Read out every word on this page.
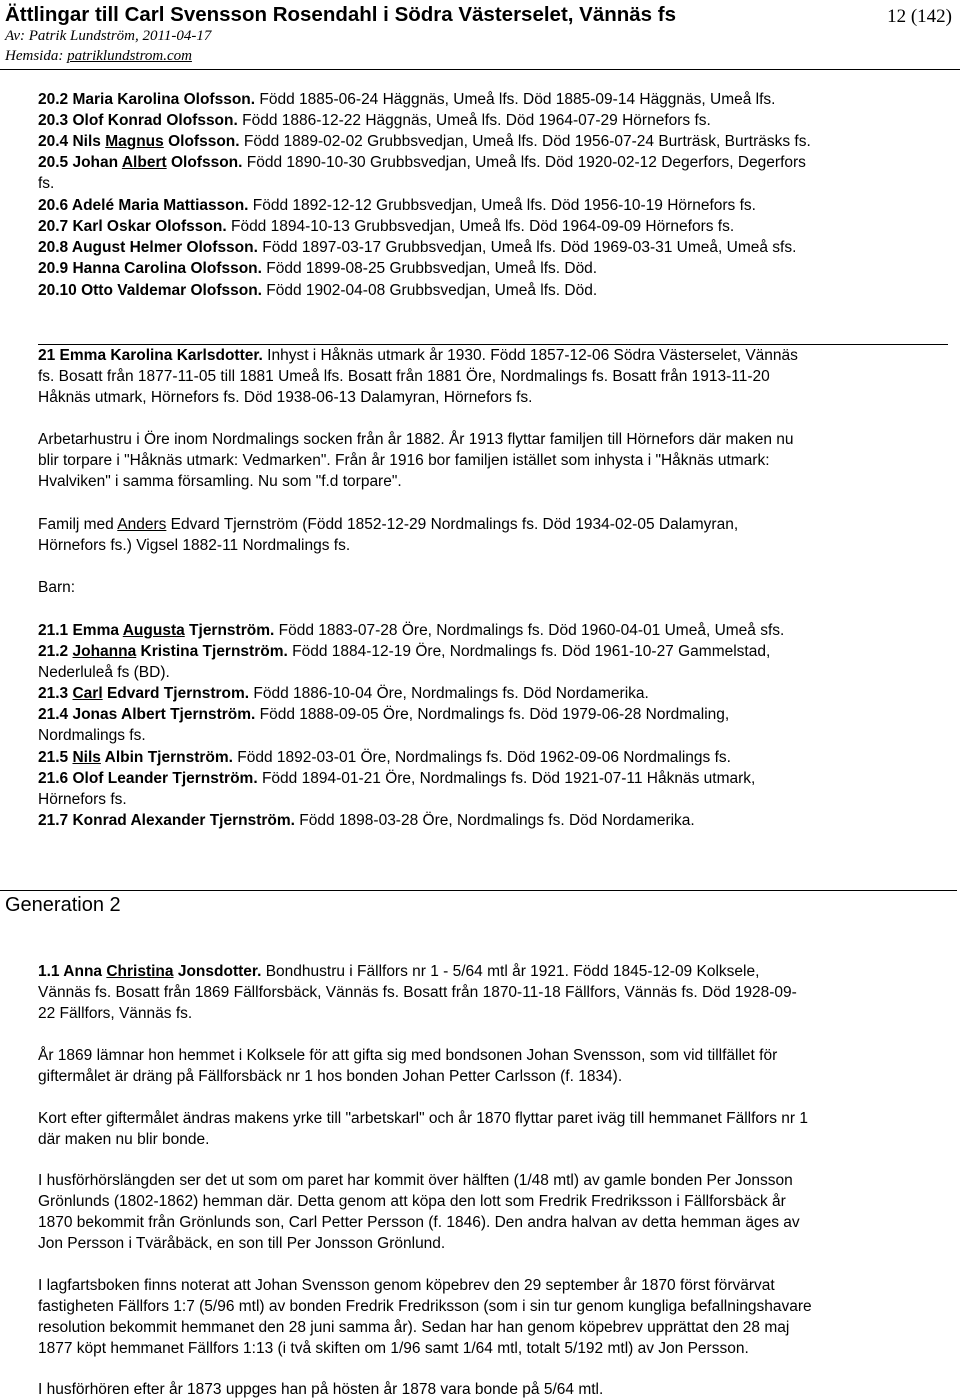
Ättlingar till Carl Svensson Rosendahl i Södra Västerselet, Vännäs fs	12 (142)
Av: Patrik Lundström, 2011-04-17
Hemsida: patriklundstrom.com
20.2 Maria Karolina Olofsson. Född 1885-06-24 Häggnäs, Umeå lfs. Död 1885-09-14 Häggnäs, Umeå lfs.
20.3 Olof Konrad Olofsson. Född 1886-12-22 Häggnäs, Umeå lfs. Död 1964-07-29 Hörnefors fs.
20.4 Nils Magnus Olofsson. Född 1889-02-02 Grubbsvedjan, Umeå lfs. Död 1956-07-24 Burträsk, Burträsks fs.
20.5 Johan Albert Olofsson. Född 1890-10-30 Grubbsvedjan, Umeå lfs. Död 1920-02-12 Degerfors, Degerfors
fs.
20.6 Adelé Maria Mattiasson. Född 1892-12-12 Grubbsvedjan, Umeå lfs. Död 1956-10-19 Hörnefors fs.
20.7 Karl Oskar Olofsson. Född 1894-10-13 Grubbsvedjan, Umeå lfs. Död 1964-09-09 Hörnefors fs.
20.8 August Helmer Olofsson. Född 1897-03-17 Grubbsvedjan, Umeå lfs. Död 1969-03-31 Umeå, Umeå sfs.
20.9 Hanna Carolina Olofsson. Född 1899-08-25 Grubbsvedjan, Umeå lfs. Död.
20.10 Otto Valdemar Olofsson. Född 1902-04-08 Grubbsvedjan, Umeå lfs. Död.
21 Emma Karolina Karlsdotter. Inhyst i Håknäs utmark år 1930. Född 1857-12-06 Södra Västerselet, Vännäs
fs. Bosatt från 1877-11-05 till 1881 Umeå lfs. Bosatt från 1881 Öre, Nordmalings fs. Bosatt från 1913-11-20
Håknäs utmark, Hörnefors fs. Död 1938-06-13 Dalamyran, Hörnefors fs.
Arbetarhustru i Öre inom Nordmalings socken från år 1882. År 1913 flyttar familjen till Hörnefors där maken nu
blir torpare i "Håknäs utmark: Vedmarken". Från år 1916 bor familjen istället som inhysta i "Håknäs utmark:
Hvalviken" i samma församling. Nu som "f.d torpare".
Familj med Anders Edvard Tjernström (Född 1852-12-29 Nordmalings fs. Död 1934-02-05 Dalamyran,
Hörnefors fs.) Vigsel 1882-11 Nordmalings fs.
Barn:
21.1 Emma Augusta Tjernström. Född 1883-07-28 Öre, Nordmalings fs. Död 1960-04-01 Umeå, Umeå sfs.
21.2 Johanna Kristina Tjernström. Född 1884-12-19 Öre, Nordmalings fs. Död 1961-10-27 Gammelstad,
Nederluleå fs (BD).
21.3 Carl Edvard Tjernstrom. Född 1886-10-04 Öre, Nordmalings fs. Död Nordamerika.
21.4 Jonas Albert Tjernström. Född 1888-09-05 Öre, Nordmalings fs. Död 1979-06-28 Nordmaling,
Nordmalings fs.
21.5 Nils Albin Tjernström. Född 1892-03-01 Öre, Nordmalings fs. Död 1962-09-06 Nordmalings fs.
21.6 Olof Leander Tjernström. Född 1894-01-21 Öre, Nordmalings fs. Död 1921-07-11 Håknäs utmark,
Hörnefors fs.
21.7 Konrad Alexander Tjernström. Född 1898-03-28 Öre, Nordmalings fs. Död Nordamerika.
Generation 2
1.1 Anna Christina Jonsdotter. Bondhustru i Fällfors nr 1 - 5/64 mtl år 1921. Född 1845-12-09 Kolksele,
Vännäs fs. Bosatt från 1869 Fällforsbäck, Vännäs fs. Bosatt från 1870-11-18 Fällfors, Vännäs fs. Död 1928-09-
22 Fällfors, Vännäs fs.
År 1869 lämnar hon hemmet i Kolksele för att gifta sig med bondsonen Johan Svensson, som vid tillfället för
giftermålet är dräng på Fällforsbäck nr 1 hos bonden Johan Petter Carlsson (f. 1834).
Kort efter giftermålet ändras makens yrke till "arbetskarl" och år 1870 flyttar paret iväg till hemmanet Fällfors nr 1
där maken nu blir bonde.
I husförhörslängden ser det ut som om paret har kommit över hälften (1/48 mtl) av gamle bonden Per Jonsson
Grönlunds (1802-1862) hemman där. Detta genom att köpa den lott som Fredrik Fredriksson i Fällforsbäck år
1870 bekommit från Grönlunds son, Carl Petter Persson (f. 1846). Den andra halvan av detta hemman äges av
Jon Persson i Tväråbäck, en son till Per Jonsson Grönlund.
I lagfartsboken finns noterat att Johan Svensson genom köpebrev den 29 september år 1870 först förvärvat
fastigheten Fällfors 1:7 (5/96 mtl) av bonden Fredrik Fredriksson (som i sin tur genom kungliga befallningshavare
resolution bekommit hemmanet den 28 juni samma år). Sedan har han genom köpebrev upprättat den 28 maj
1877 köpt hemmanet Fällfors 1:13 (i två skiften om 1/96 samt 1/64 mtl, totalt 5/192 mtl) av Jon Persson.
I husförhören efter år 1873 uppges han på hösten år 1878 vara bonde på 5/64 mtl.
